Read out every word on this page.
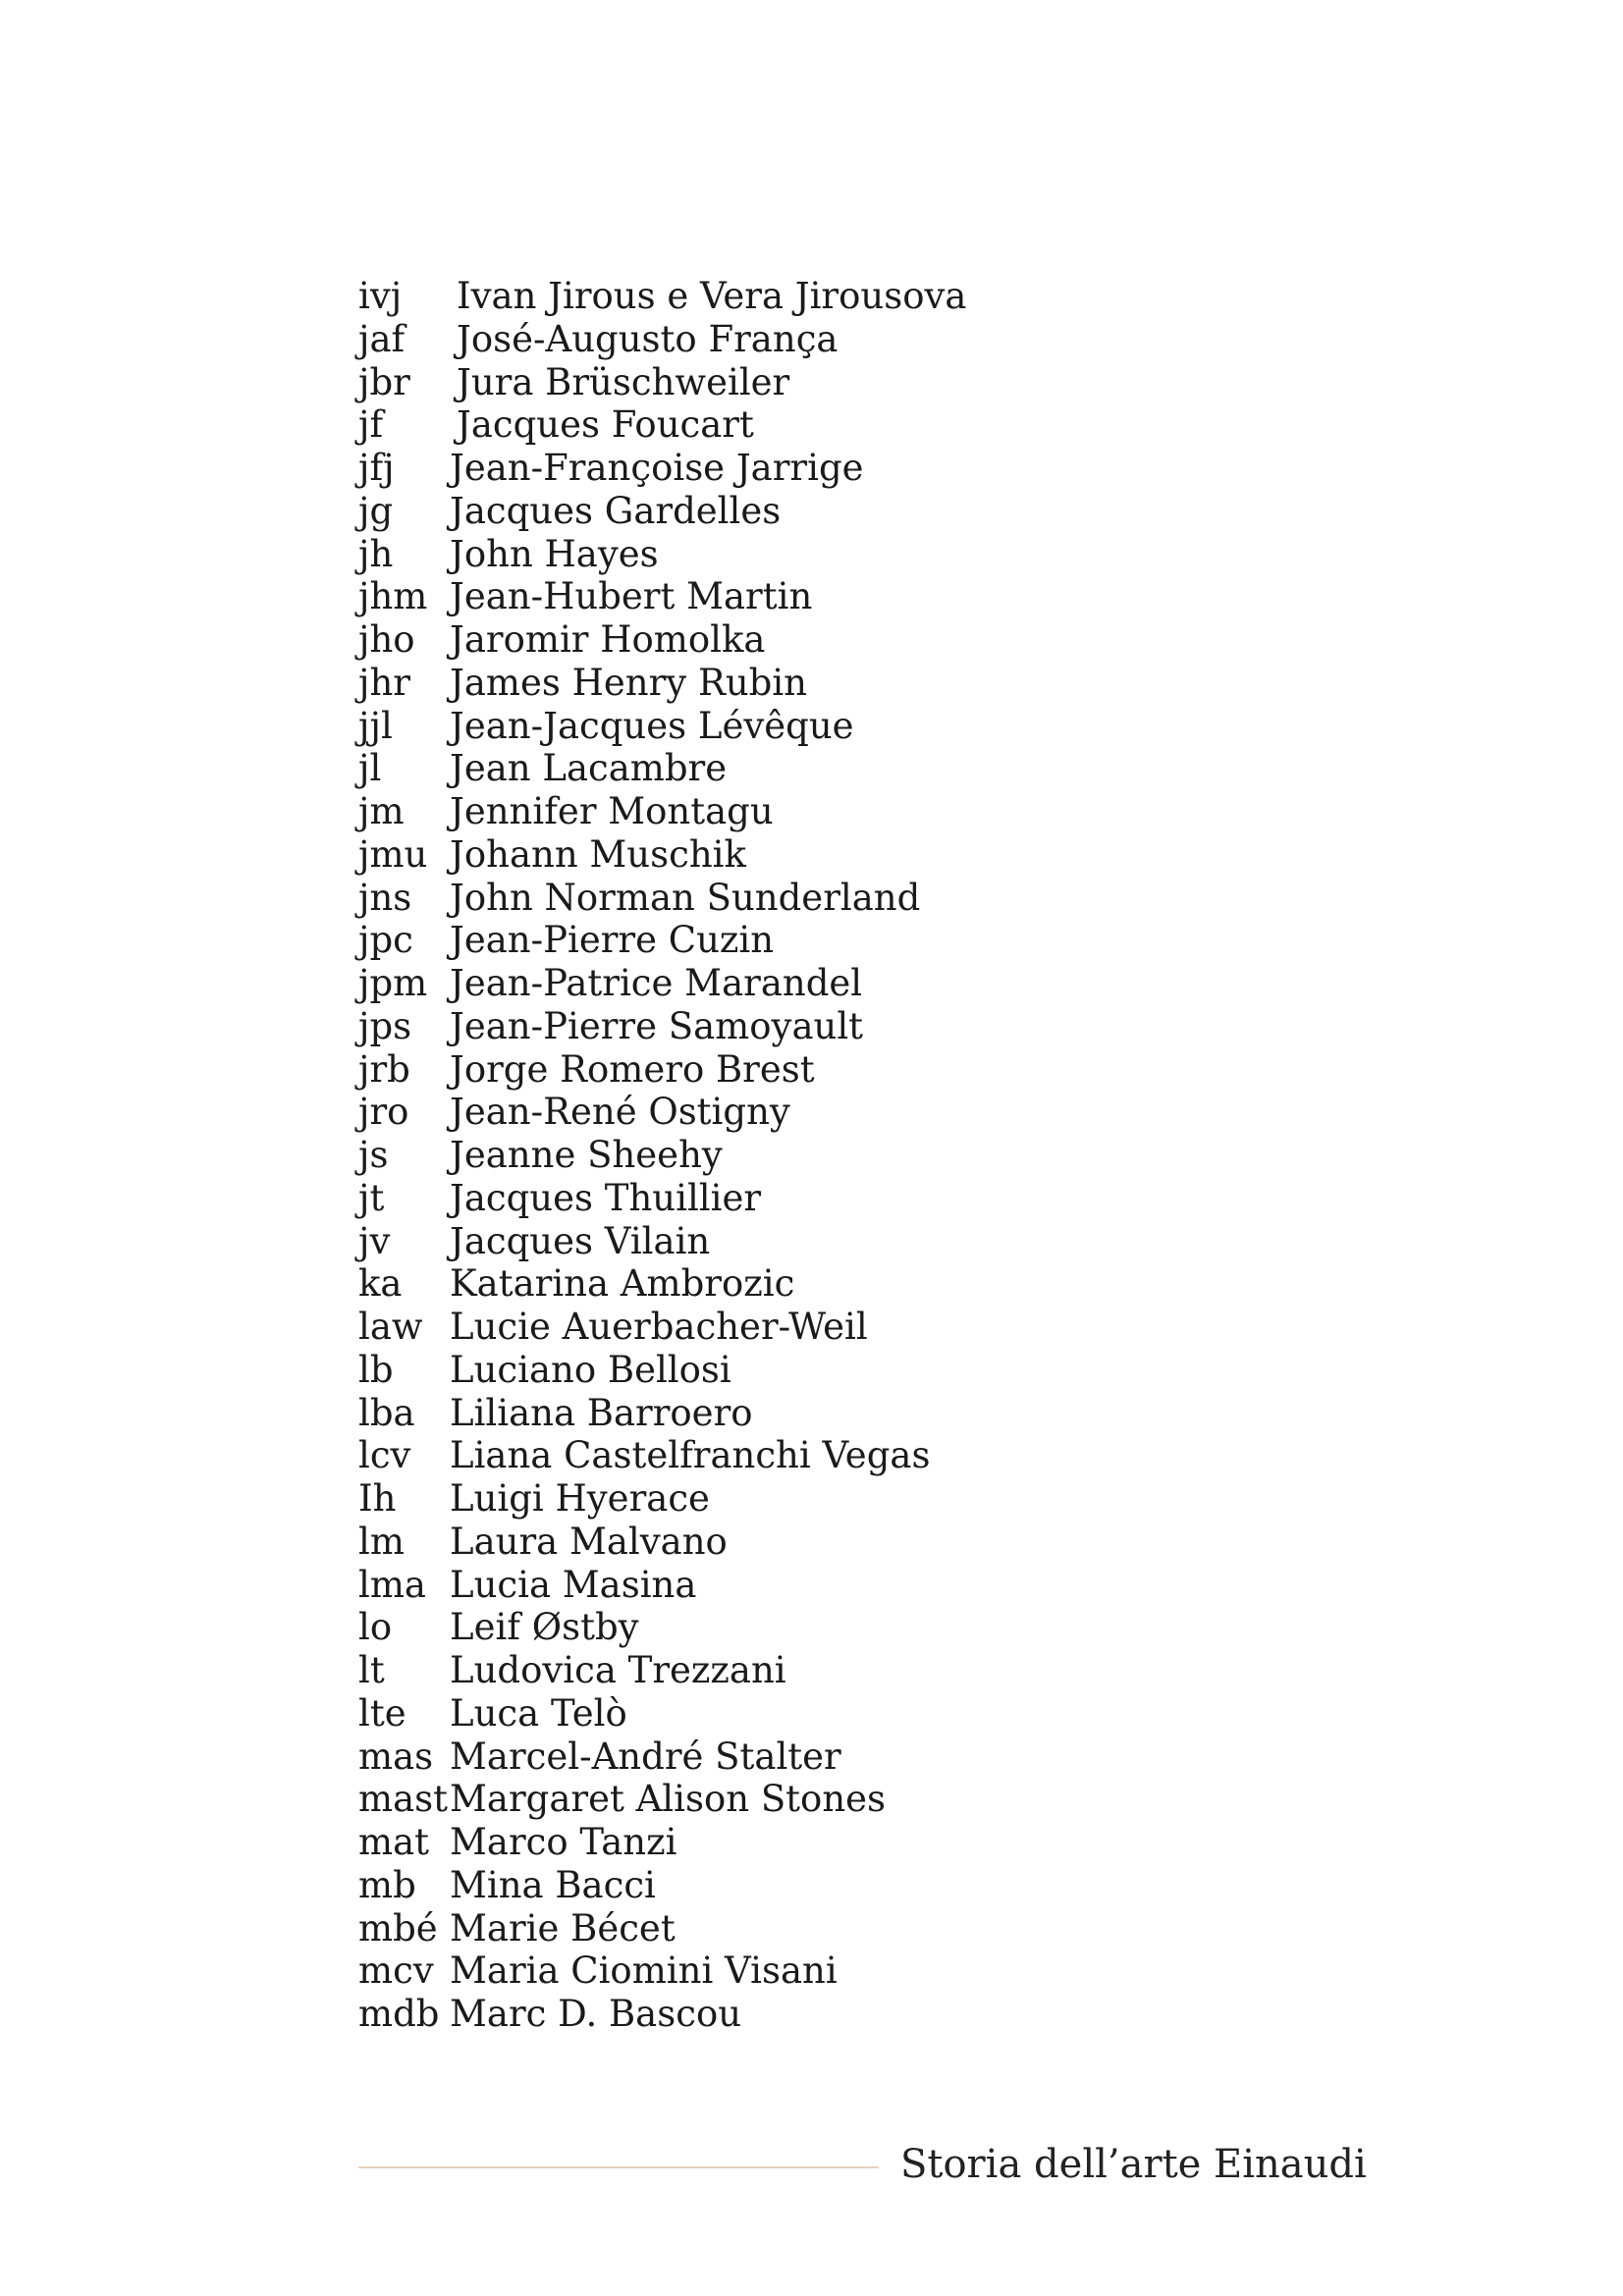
ivj Ivan Jirous e Vera Jirousova
jaf José-Augusto França
jbr Jura Brüschweiler
jf Jacques Foucart
jfj Jean-Françoise Jarrige
jg Jacques Gardelles
jh John Hayes
jhm Jean-Hubert Martin
jho Jaromir Homolka
jhr James Henry Rubin
jjl Jean-Jacques Lévêque
jl Jean Lacambre
jm Jennifer Montagu
jmu Johann Muschik
jns John Norman Sunderland
jpc Jean-Pierre Cuzin
jpm Jean-Patrice Marandel
jps Jean-Pierre Samoyault
jrb Jorge Romero Brest
jro Jean-René Ostigny
js Jeanne Sheehy
jt Jacques Thuillier
jv Jacques Vilain
ka Katarina Ambrozic
law Lucie Auerbacher-Weil
lb Luciano Bellosi
lba Liliana Barroero
lcv Liana Castelfranchi Vegas
Ih Luigi Hyerace
lm Laura Malvano
lma Lucia Masina
lo Leif Østby
lt Ludovica Trezzani
lte Luca Telò
mas Marcel-André Stalter
mast Margaret Alison Stones
mat Marco Tanzi
mb Mina Bacci
mbé Marie Bécet
mcv Maria Ciomini Visani
mdb Marc D. Bascou
Storia dell’arte Einaudi
